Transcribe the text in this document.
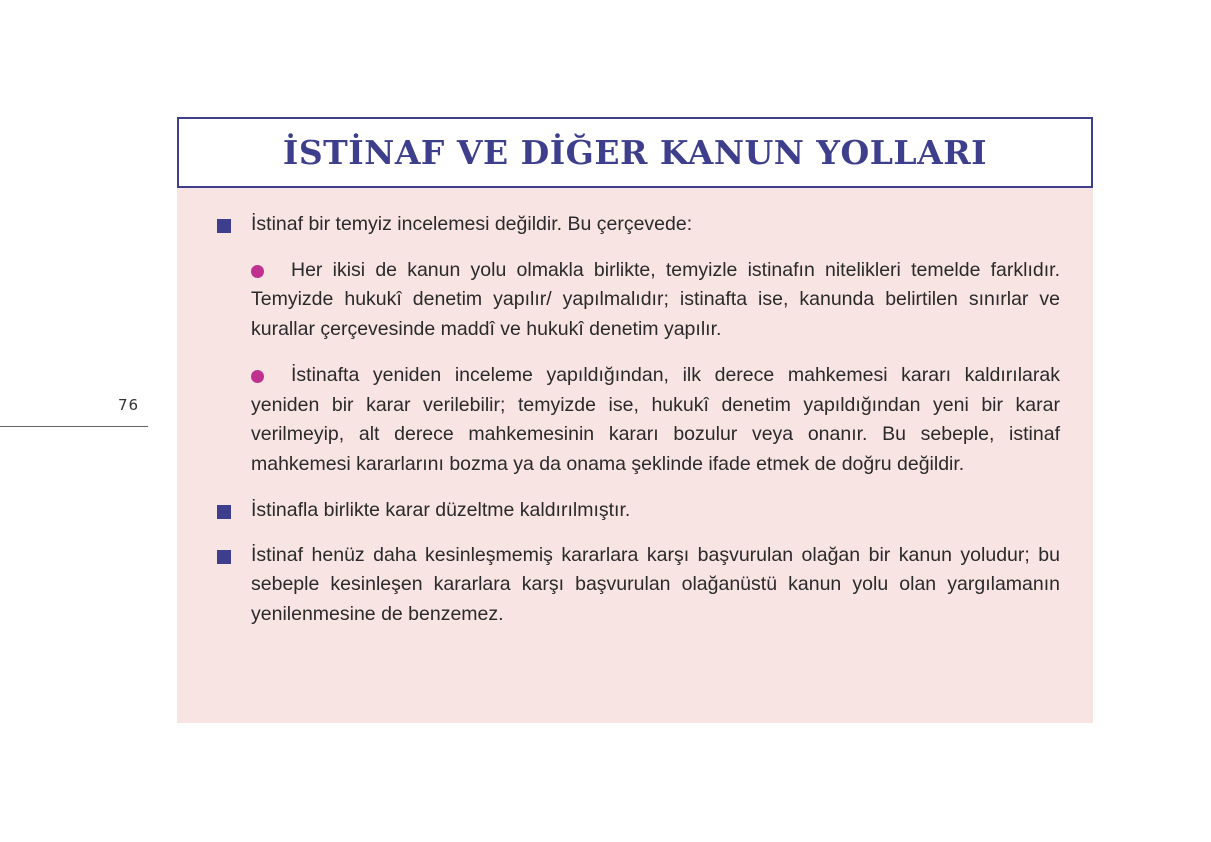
76
İSTİNAF VE DİĞER KANUN YOLLARI
İstinaf bir temyiz incelemesi değildir. Bu çerçevede:
Her ikisi de kanun yolu olmakla birlikte, temyizle istinafın nitelikleri temelde farklıdır. Temyizde hukukî denetim yapılır/ yapılmalıdır; istinafta ise, kanunda belirtilen sınırlar ve kurallar çerçevesinde maddî ve hukukî denetim yapılır.
İstinafta yeniden inceleme yapıldığından, ilk derece mahkemesi kararı kaldırılarak yeniden bir karar verilebilir; temyizde ise, hukukî denetim yapıldığından yeni bir karar verilmeyip, alt derece mahkemesinin kararı bozulur veya onanır. Bu sebeple, istinaf mahkemesi kararlarını bozma ya da onama şeklinde ifade etmek de doğru değildir.
İstinafla birlikte karar düzeltme kaldırılmıştır.
İstinaf henüz daha kesinleşmemiş kararlara karşı başvurulan olağan bir kanun yoludur; bu sebeple kesinleşen kararlara karşı başvurulan olağanüstü kanun yolu olan yargılamanın yenilenmesine de benzemez.
